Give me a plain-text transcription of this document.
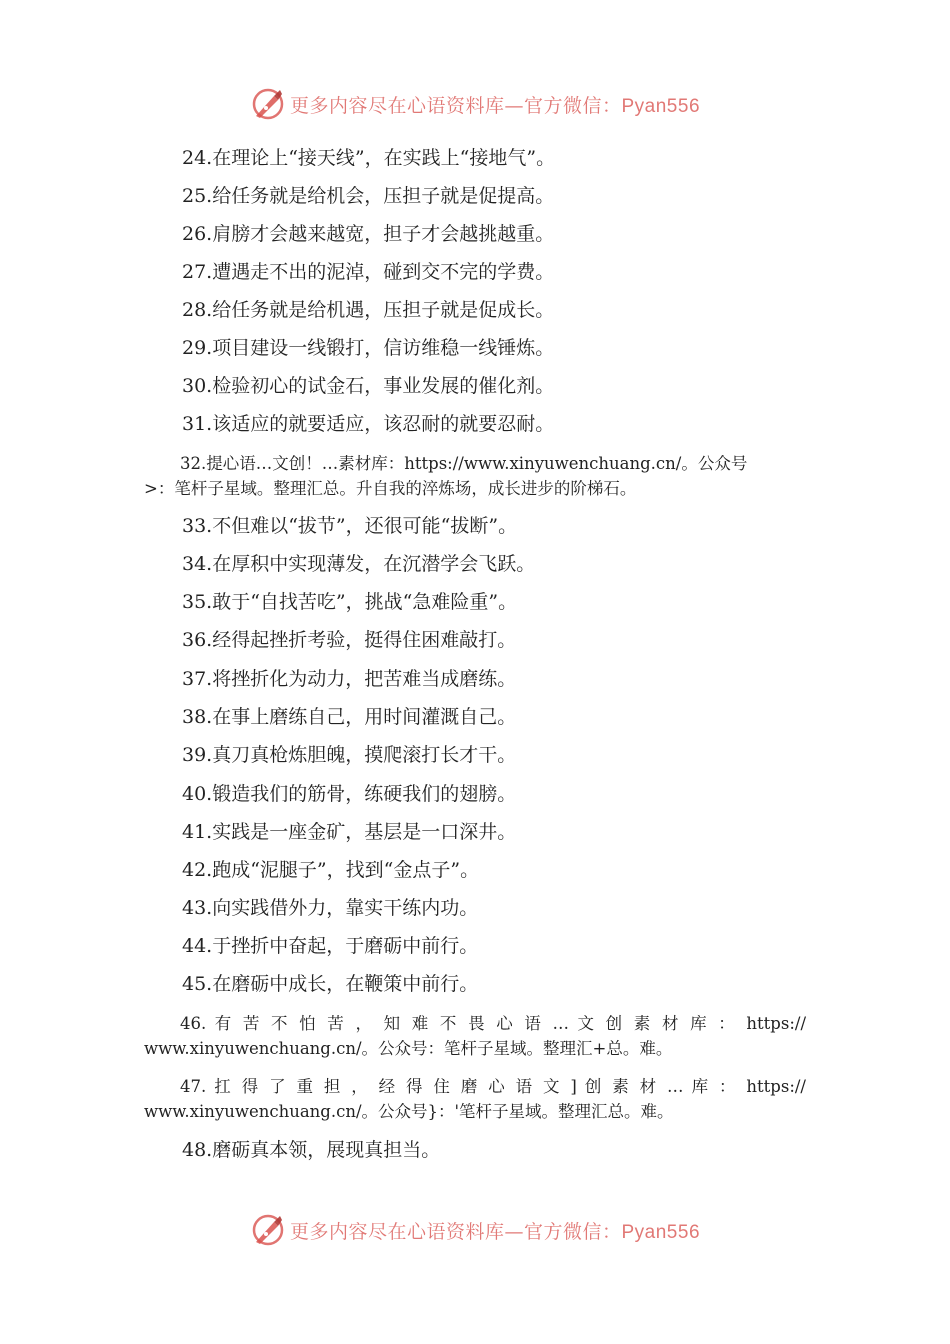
更多内容尽在心语资料库—官方微信：Pyan556
24.在理论上“接天线”，在实践上“接地气”。
25.给任务就是给机会，压担子就是促提高。
26.肩膀才会越来越宽，担子才会越挑越重。
27.遭遇走不出的泥淖，碰到交不完的学费。
28.给任务就是给机遇，压担子就是促成长。
29.项目建设一线锻打，信访维稳一线锤炼。
30.检验初心的试金石，事业发展的催化剂。
31.该适应的就要适应，该忍耐的就要忍耐。
32.提心语…文创！…素材库：https://www.xinyuwenchuang.cn/。公众号
>：笔杆子星域。整理汇总。升自我的淬炼场，成长进步的阶梯石。
33.不但难以“拔节”，还很可能“拔断”。
34.在厚积中实现薄发，在沉潜学会飞跃。
35.敢于“自找苦吃”，挑战“急难险重”。
36.经得起挫折考验，挺得住困难敲打。
37.将挫折化为动力，把苦难当成磨练。
38.在事上磨练自己，用时间灌溉自己。
39.真刀真枪炼胆魄，摸爬滚打长才干。
40.锻造我们的筋骨，练硬我们的翅膀。
41.实践是一座金矿，基层是一口深井。
42.跑成“泥腿子”，找到“金点子”。
43.向实践借外力，靠实干练内功。
44.于挫折中奋起，于磨砺中前行。
45.在磨砺中成长，在鞭策中前行。
46. 有 苦 不 怕 苦 ， 知 难 不 畏 心 语 … 文 创 素 材 库 ： https://
www.xinyuwenchuang.cn/。公众号：笔杆子星域。整理汇+总。难。
47. 扛 得 了 重 担 ， 经 得 住 磨 心 语 文 ] 创 素 材 … 库 ： https://
www.xinyuwenchuang.cn/。公众号}：'笔杆子星域。整理汇总。难。
48.磨砺真本领，展现真担当。
更多内容尽在心语资料库—官方微信：Pyan556
